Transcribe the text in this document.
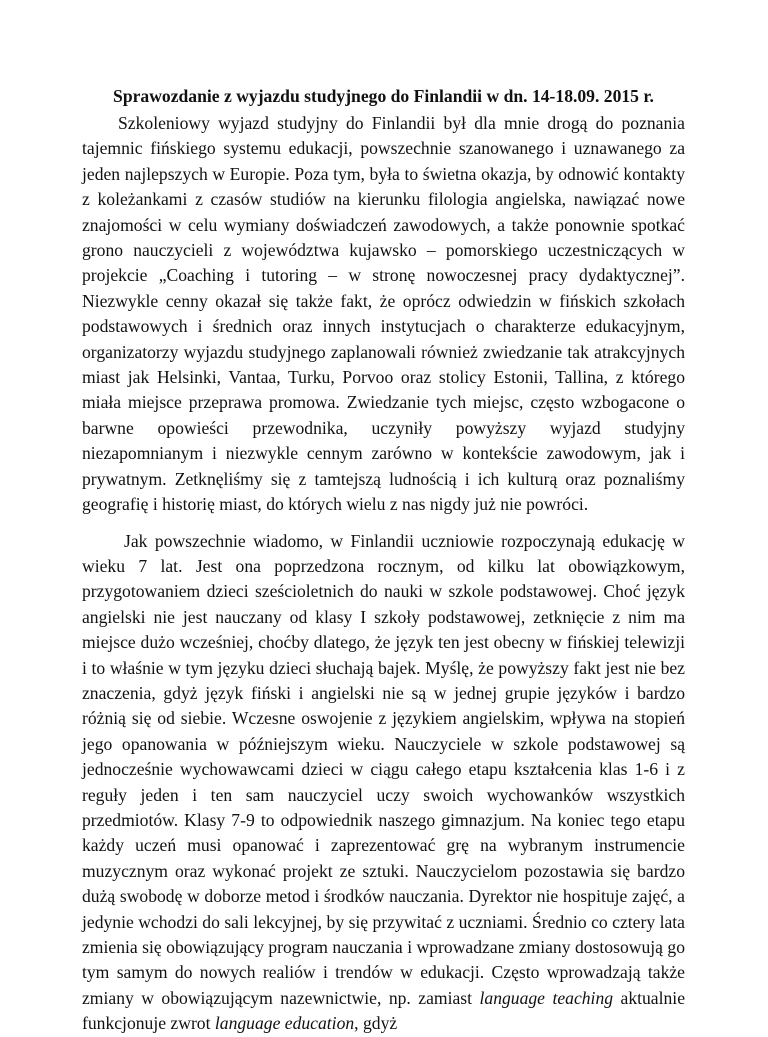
Sprawozdanie z wyjazdu studyjnego do Finlandii w dn. 14-18.09. 2015 r.

Szkoleniowy wyjazd studyjny do Finlandii był dla mnie drogą do poznania tajemnic fińskiego systemu edukacji, powszechnie szanowanego i uznawanego za jeden najlepszych w Europie. Poza tym, była to świetna okazja, by odnowić kontakty z koleżankami z czasów studiów na kierunku filologia angielska, nawiązać nowe znajomości w celu wymiany doświadczeń zawodowych, a także ponownie spotkać grono nauczycieli z województwa kujawsko – pomorskiego uczestniczących w projekcie „Coaching i tutoring – w stronę nowoczesnej pracy dydaktycznej”. Niezwykle cenny okazał się także fakt, że oprócz odwiedzin w fińskich szkołach podstawowych i średnich oraz innych instytucjach o charakterze edukacyjnym, organizatorzy wyjazdu studyjnego zaplanowali również zwiedzanie tak atrakcyjnych miast jak Helsinki, Vantaa, Turku, Porvoo oraz stolicy Estonii, Tallina, z którego miała miejsce przeprawa promowa. Zwiedzanie tych miejsc, często wzbogacone o barwne opowieści przewodnika, uczyniły powyższy wyjazd studyjny niezapomnianym i niezwykle cennym zarówno w kontekście zawodowym, jak i prywatnym. Zetknęliśmy się z tamtejszą ludnością i ich kulturą oraz poznaliśmy geografię i historię miast, do których wielu z nas nigdy już nie powróci.

Jak powszechnie wiadomo, w Finlandii uczniowie rozpoczynają edukację w wieku 7 lat. Jest ona poprzedzona rocznym, od kilku lat obowiązkowym, przygotowaniem dzieci sześcioletnich do nauki w szkole podstawowej. Choć język angielski nie jest nauczany od klasy I szkoły podstawowej, zetknięcie z nim ma miejsce dużo wcześniej, choćby dlatego, że język ten jest obecny w fińskiej telewizji i to właśnie w tym języku dzieci słuchają bajek. Myślę, że powyższy fakt jest nie bez znaczenia, gdyż język fiński i angielski nie są w jednej grupie języków i bardzo różnią się od siebie. Wczesne oswojenie z językiem angielskim, wpływa na stopień jego opanowania w późniejszym wieku. Nauczyciele w szkole podstawowej są jednocześnie wychowawcami dzieci w ciągu całego etapu kształcenia klas 1-6 i z reguły jeden i ten sam nauczyciel uczy swoich wychowanków wszystkich przedmiotów. Klasy 7-9 to odpowiednik naszego gimnazjum. Na koniec tego etapu każdy uczeń musi opanować i zaprezentować grę na wybranym instrumencie muzycznym oraz wykonać projekt ze sztuki. Nauczycielom pozostawia się bardzo dużą swobodę w doborze metod i środków nauczania. Dyrektor nie hospituje zajęć, a jedynie wchodzi do sali lekcyjnej, by się przywitać z uczniami. Średnio co cztery lata zmienia się obowiązujący program nauczania i wprowadzane zmiany dostosowują go tym samym do nowych realiów i trendów w edukacji. Często wprowadzają także zmiany w obowiązującym nazewnictwie, np. zamiast language teaching aktualnie funkcjonuje zwrot language education, gdyż
